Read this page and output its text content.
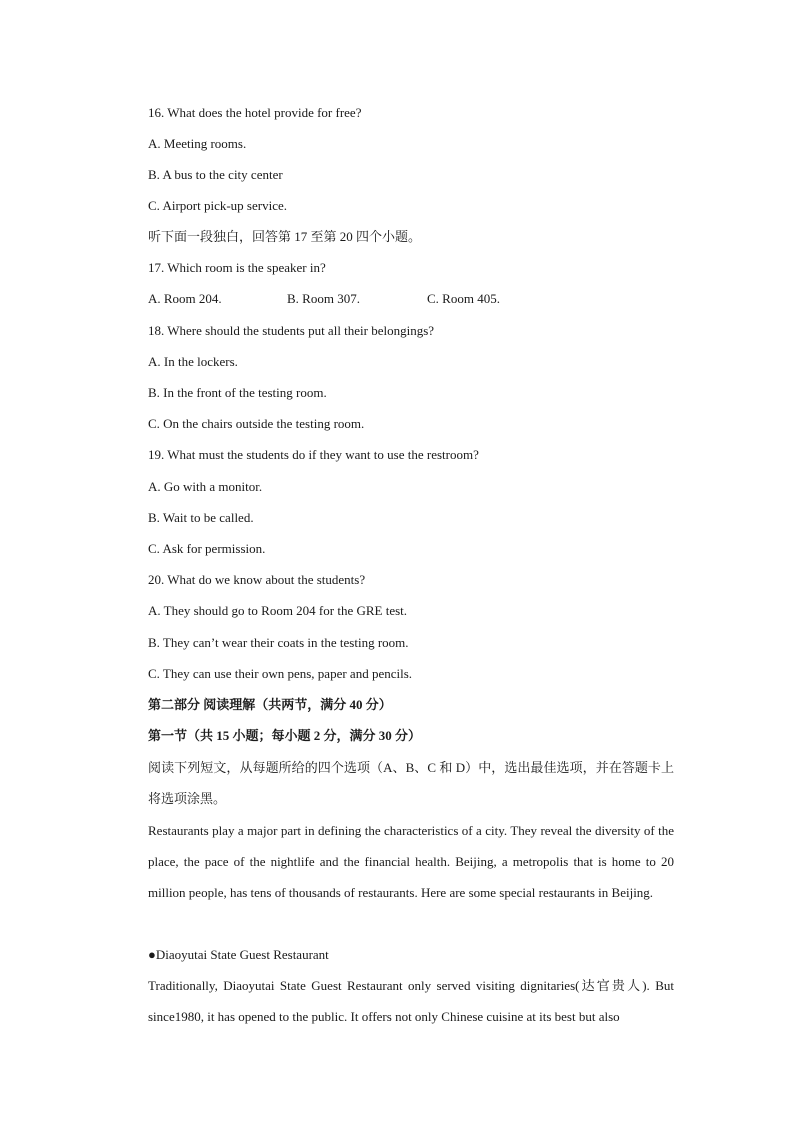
16. What does the hotel provide for free?
A. Meeting rooms.
B. A bus to the city center
C. Airport pick-up service.
听下面一段独白，回答第 17 至第 20 四个小题。
17. Which room is the speaker in?
A. Room 204.	B. Room 307.	C. Room 405.
18. Where should the students put all their belongings?
A. In the lockers.
B. In the front of the testing room.
C. On the chairs outside the testing room.
19. What must the students do if they want to use the restroom?
A. Go with a monitor.
B. Wait to be called.
C. Ask for permission.
20. What do we know about the students?
A. They should go to Room 204 for the GRE test.
B. They can’t wear their coats in the testing room.
C. They can use their own pens, paper and pencils.
第二部分 阅读理解（共两节，满分 40 分）
第一节（共 15 小题；每小题 2 分，满分 30 分）
阅读下列短文，从每题所给的四个选项（A、B、C 和 D）中，选出最佳选项，并在答题卡上将选项涂黑。
Restaurants play a major part in defining the characteristics of a city. They reveal the diversity of the place, the pace of the nightlife and the financial health. Beijing, a metropolis that is home to 20 million people, has tens of thousands of restaurants. Here are some special restaurants in Beijing.
●Diaoyutai State Guest Restaurant
Traditionally, Diaoyutai State Guest Restaurant only served visiting dignitaries(达官贵人). But since1980, it has opened to the public. It offers not only Chinese cuisine at its best but also
